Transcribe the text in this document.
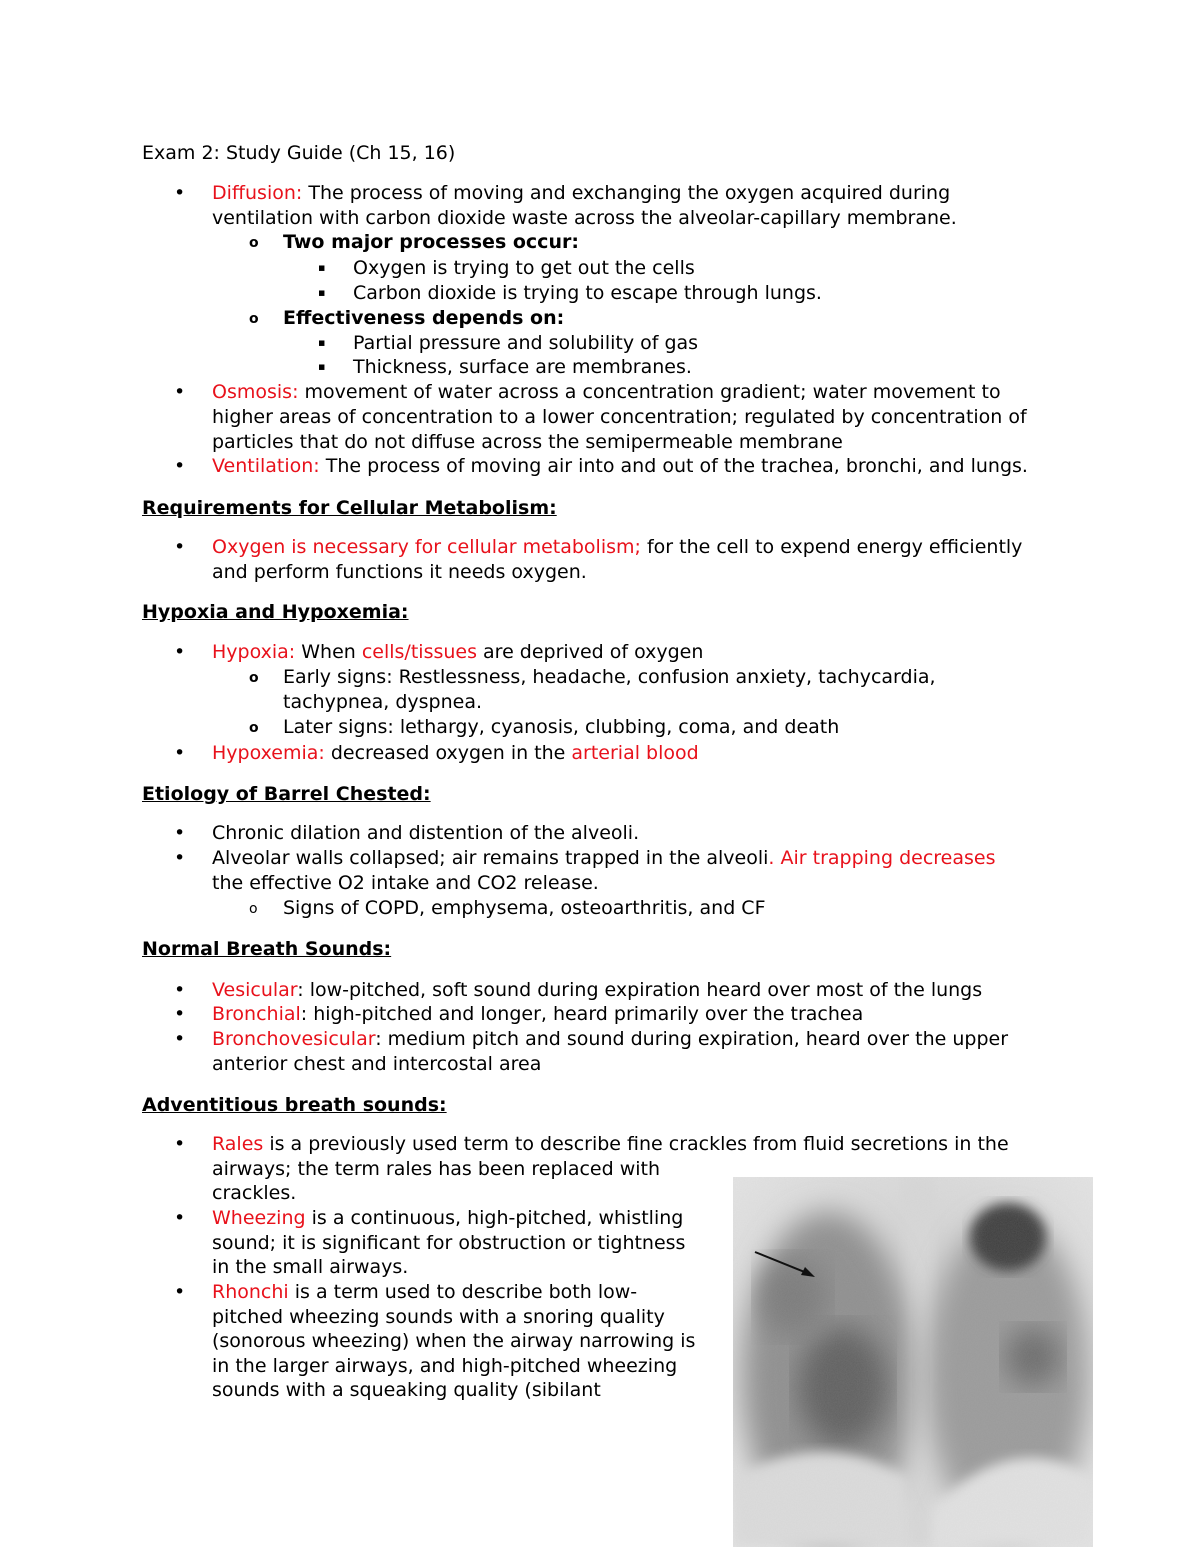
Exam 2: Study Guide (Ch 15, 16)
• Diffusion: The process of moving and exchanging the oxygen acquired during
ventilation with carbon dioxide waste across the alveolar-capillary membrane.
o Two major processes occur:
▪ Oxygen is trying to get out the cells
▪ Carbon dioxide is trying to escape through lungs.
o Effectiveness depends on:
▪ Partial pressure and solubility of gas
▪ Thickness, surface are membranes.
• Osmosis: movement of water across a concentration gradient; water movement to
higher areas of concentration to a lower concentration; regulated by concentration of
particles that do not diffuse across the semipermeable membrane
• Ventilation: The process of moving air into and out of the trachea, bronchi, and lungs.
Requirements for Cellular Metabolism:
• Oxygen is necessary for cellular metabolism; for the cell to expend energy efficiently
and perform functions it needs oxygen.
Hypoxia and Hypoxemia:
• Hypoxia: When cells/tissues are deprived of oxygen
o Early signs: Restlessness, headache, confusion anxiety, tachycardia,
tachypnea, dyspnea.
o Later signs: lethargy, cyanosis, clubbing, coma, and death
• Hypoxemia: decreased oxygen in the arterial blood
Etiology of Barrel Chested:
• Chronic dilation and distention of the alveoli.
• Alveolar walls collapsed; air remains trapped in the alveoli. Air trapping decreases
the effective O2 intake and CO2 release.
o Signs of COPD, emphysema, osteoarthritis, and CF
Normal Breath Sounds:
• Vesicular: low-pitched, soft sound during expiration heard over most of the lungs
• Bronchial: high-pitched and longer, heard primarily over the trachea
• Bronchovesicular: medium pitch and sound during expiration, heard over the upper
anterior chest and intercostal area
Adventitious breath sounds:
• Rales is a previously used term to describe fine crackles from fluid secretions in the
airways; the term rales has been replaced with
crackles.
• Wheezing is a continuous, high-pitched, whistling
sound; it is significant for obstruction or tightness
in the small airways.
• Rhonchi is a term used to describe both low-
pitched wheezing sounds with a snoring quality
(sonorous wheezing) when the airway narrowing is
in the larger airways, and high-pitched wheezing
sounds with a squeaking quality (sibilant
